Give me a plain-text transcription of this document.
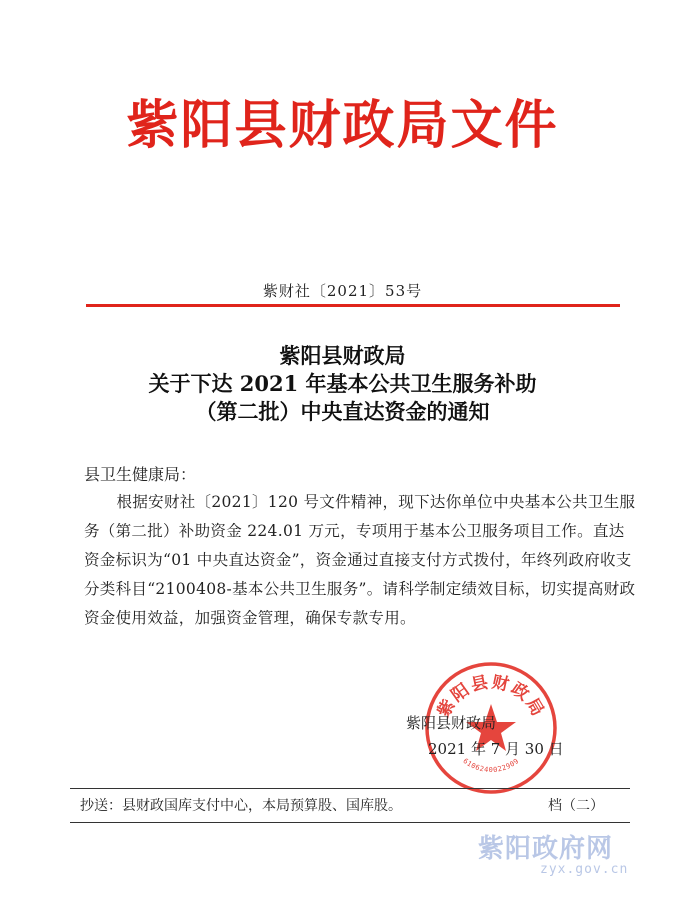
紫阳县财政局文件
紫财社〔2021〕53号
紫阳县财政局
关于下达 2021 年基本公共卫生服务补助
（第二批）中央直达资金的通知
县卫生健康局：

根据安财社〔2021〕120 号文件精神，现下达你单位中央基本公共卫生服务（第二批）补助资金 224.01 万元，专项用于基本公卫服务项目工作。直达资金标识为“01 中央直达资金”，资金通过直接支付方式拨付，年终列政府收支分类科目“2100408-基本公共卫生服务”。请科学制定绩效目标，切实提高财政资金使用效益，加强资金管理，确保专款专用。

紫阳县财政局
6106240022909
紫阳县财政局
2021 年 7 月 30 日
抄送：县财政国库支付中心，本局预算股、国库股。	档（二）
紫阳政府网
zyx.gov.cn
